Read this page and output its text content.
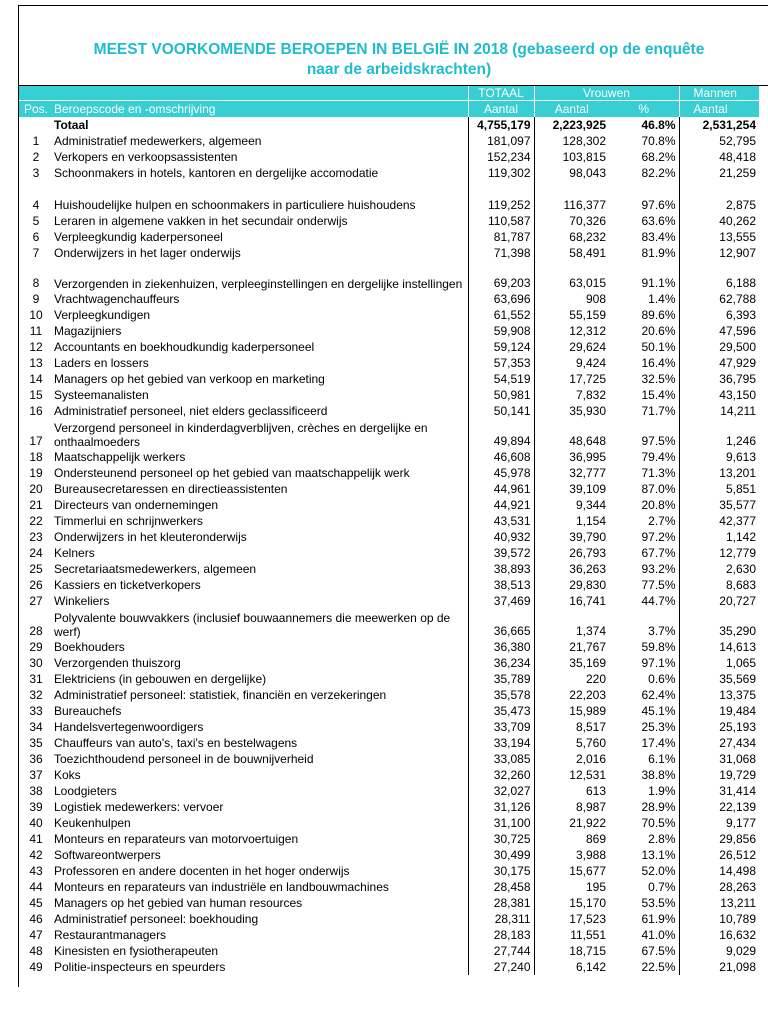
MEEST VOORKOMENDE BEROEPEN IN BELGIË IN 2018 (gebaseerd op de enquête
naar de arbeidskrachten)
		TOTAAL	Vrouwen		Mannen
Pos.	Beroepscode en -omschrijving	Aantal	Aantal	%	Aantal
	Totaal	4,755,179	2,223,925	46.8%	2,531,254
1	Administratief medewerkers, algemeen	181,097	128,302	70.8%	52,795
2	Verkopers en verkoopsassistenten	152,234	103,815	68.2%	48,418
3	Schoonmakers in hotels, kantoren en dergelijke accomodatie	119,302	98,043	82.2%	21,259
4	Huishoudelijke hulpen en schoonmakers in particuliere huishoudens	119,252	116,377	97.6%	2,875
5	Leraren in algemene vakken in het secundair onderwijs	110,587	70,326	63.6%	40,262
6	Verpleegkundig kaderpersoneel	81,787	68,232	83.4%	13,555
7	Onderwijzers in het lager onderwijs	71,398	58,491	81.9%	12,907
8	Verzorgenden in ziekenhuizen, verpleeginstellingen en dergelijke instellingen	69,203	63,015	91.1%	6,188
9	Vrachtwagenchauffeurs	63,696	908	1.4%	62,788
10	Verpleegkundigen	61,552	55,159	89.6%	6,393
11	Magazijniers	59,908	12,312	20.6%	47,596
12	Accountants en boekhoudkundig kaderpersoneel	59,124	29,624	50.1%	29,500
13	Laders en lossers	57,353	9,424	16.4%	47,929
14	Managers op het gebied van verkoop en marketing	54,519	17,725	32.5%	36,795
15	Systeemanalisten	50,981	7,832	15.4%	43,150
16	Administratief personeel, niet elders geclassificeerd	50,141	35,930	71.7%	14,211
17	Verzorgend personeel in kinderdagverblijven, crèches en dergelijke en onthaalmoeders	49,894	48,648	97.5%	1,246
18	Maatschappelijk werkers	46,608	36,995	79.4%	9,613
19	Ondersteunend personeel op het gebied van maatschappelijk werk	45,978	32,777	71.3%	13,201
20	Bureausecretaressen en directieassistenten	44,961	39,109	87.0%	5,851
21	Directeurs van ondernemingen	44,921	9,344	20.8%	35,577
22	Timmerlui en schrijnwerkers	43,531	1,154	2.7%	42,377
23	Onderwijzers in het kleuteronderwijs	40,932	39,790	97.2%	1,142
24	Kelners	39,572	26,793	67.7%	12,779
25	Secretariaatsmedewerkers, algemeen	38,893	36,263	93.2%	2,630
26	Kassiers en ticketverkopers	38,513	29,830	77.5%	8,683
27	Winkeliers	37,469	16,741	44.7%	20,727
28	Polyvalente bouwvakkers (inclusief bouwaannemers die meewerken op de werf)	36,665	1,374	3.7%	35,290
29	Boekhouders	36,380	21,767	59.8%	14,613
30	Verzorgenden thuiszorg	36,234	35,169	97.1%	1,065
31	Elektriciens (in gebouwen en dergelijke)	35,789	220	0.6%	35,569
32	Administratief personeel: statistiek, financiën en verzekeringen	35,578	22,203	62.4%	13,375
33	Bureauchefs	35,473	15,989	45.1%	19,484
34	Handelsvertegenwoordigers	33,709	8,517	25.3%	25,193
35	Chauffeurs van auto's, taxi's en bestelwagens	33,194	5,760	17.4%	27,434
36	Toezichthoudend personeel in de bouwnijverheid	33,085	2,016	6.1%	31,068
37	Koks	32,260	12,531	38.8%	19,729
38	Loodgieters	32,027	613	1.9%	31,414
39	Logistiek medewerkers: vervoer	31,126	8,987	28.9%	22,139
40	Keukenhulpen	31,100	21,922	70.5%	9,177
41	Monteurs en reparateurs van motorvoertuigen	30,725	869	2.8%	29,856
42	Softwareontwerpers	30,499	3,988	13.1%	26,512
43	Professoren en andere docenten in het hoger onderwijs	30,175	15,677	52.0%	14,498
44	Monteurs en reparateurs van industriële en landbouwmachines	28,458	195	0.7%	28,263
45	Managers op het gebied van human resources	28,381	15,170	53.5%	13,211
46	Administratief personeel: boekhouding	28,311	17,523	61.9%	10,789
47	Restaurantmanagers	28,183	11,551	41.0%	16,632
48	Kinesisten en fysiotherapeuten	27,744	18,715	67.5%	9,029
49	Politie-inspecteurs en speurders	27,240	6,142	22.5%	21,098
